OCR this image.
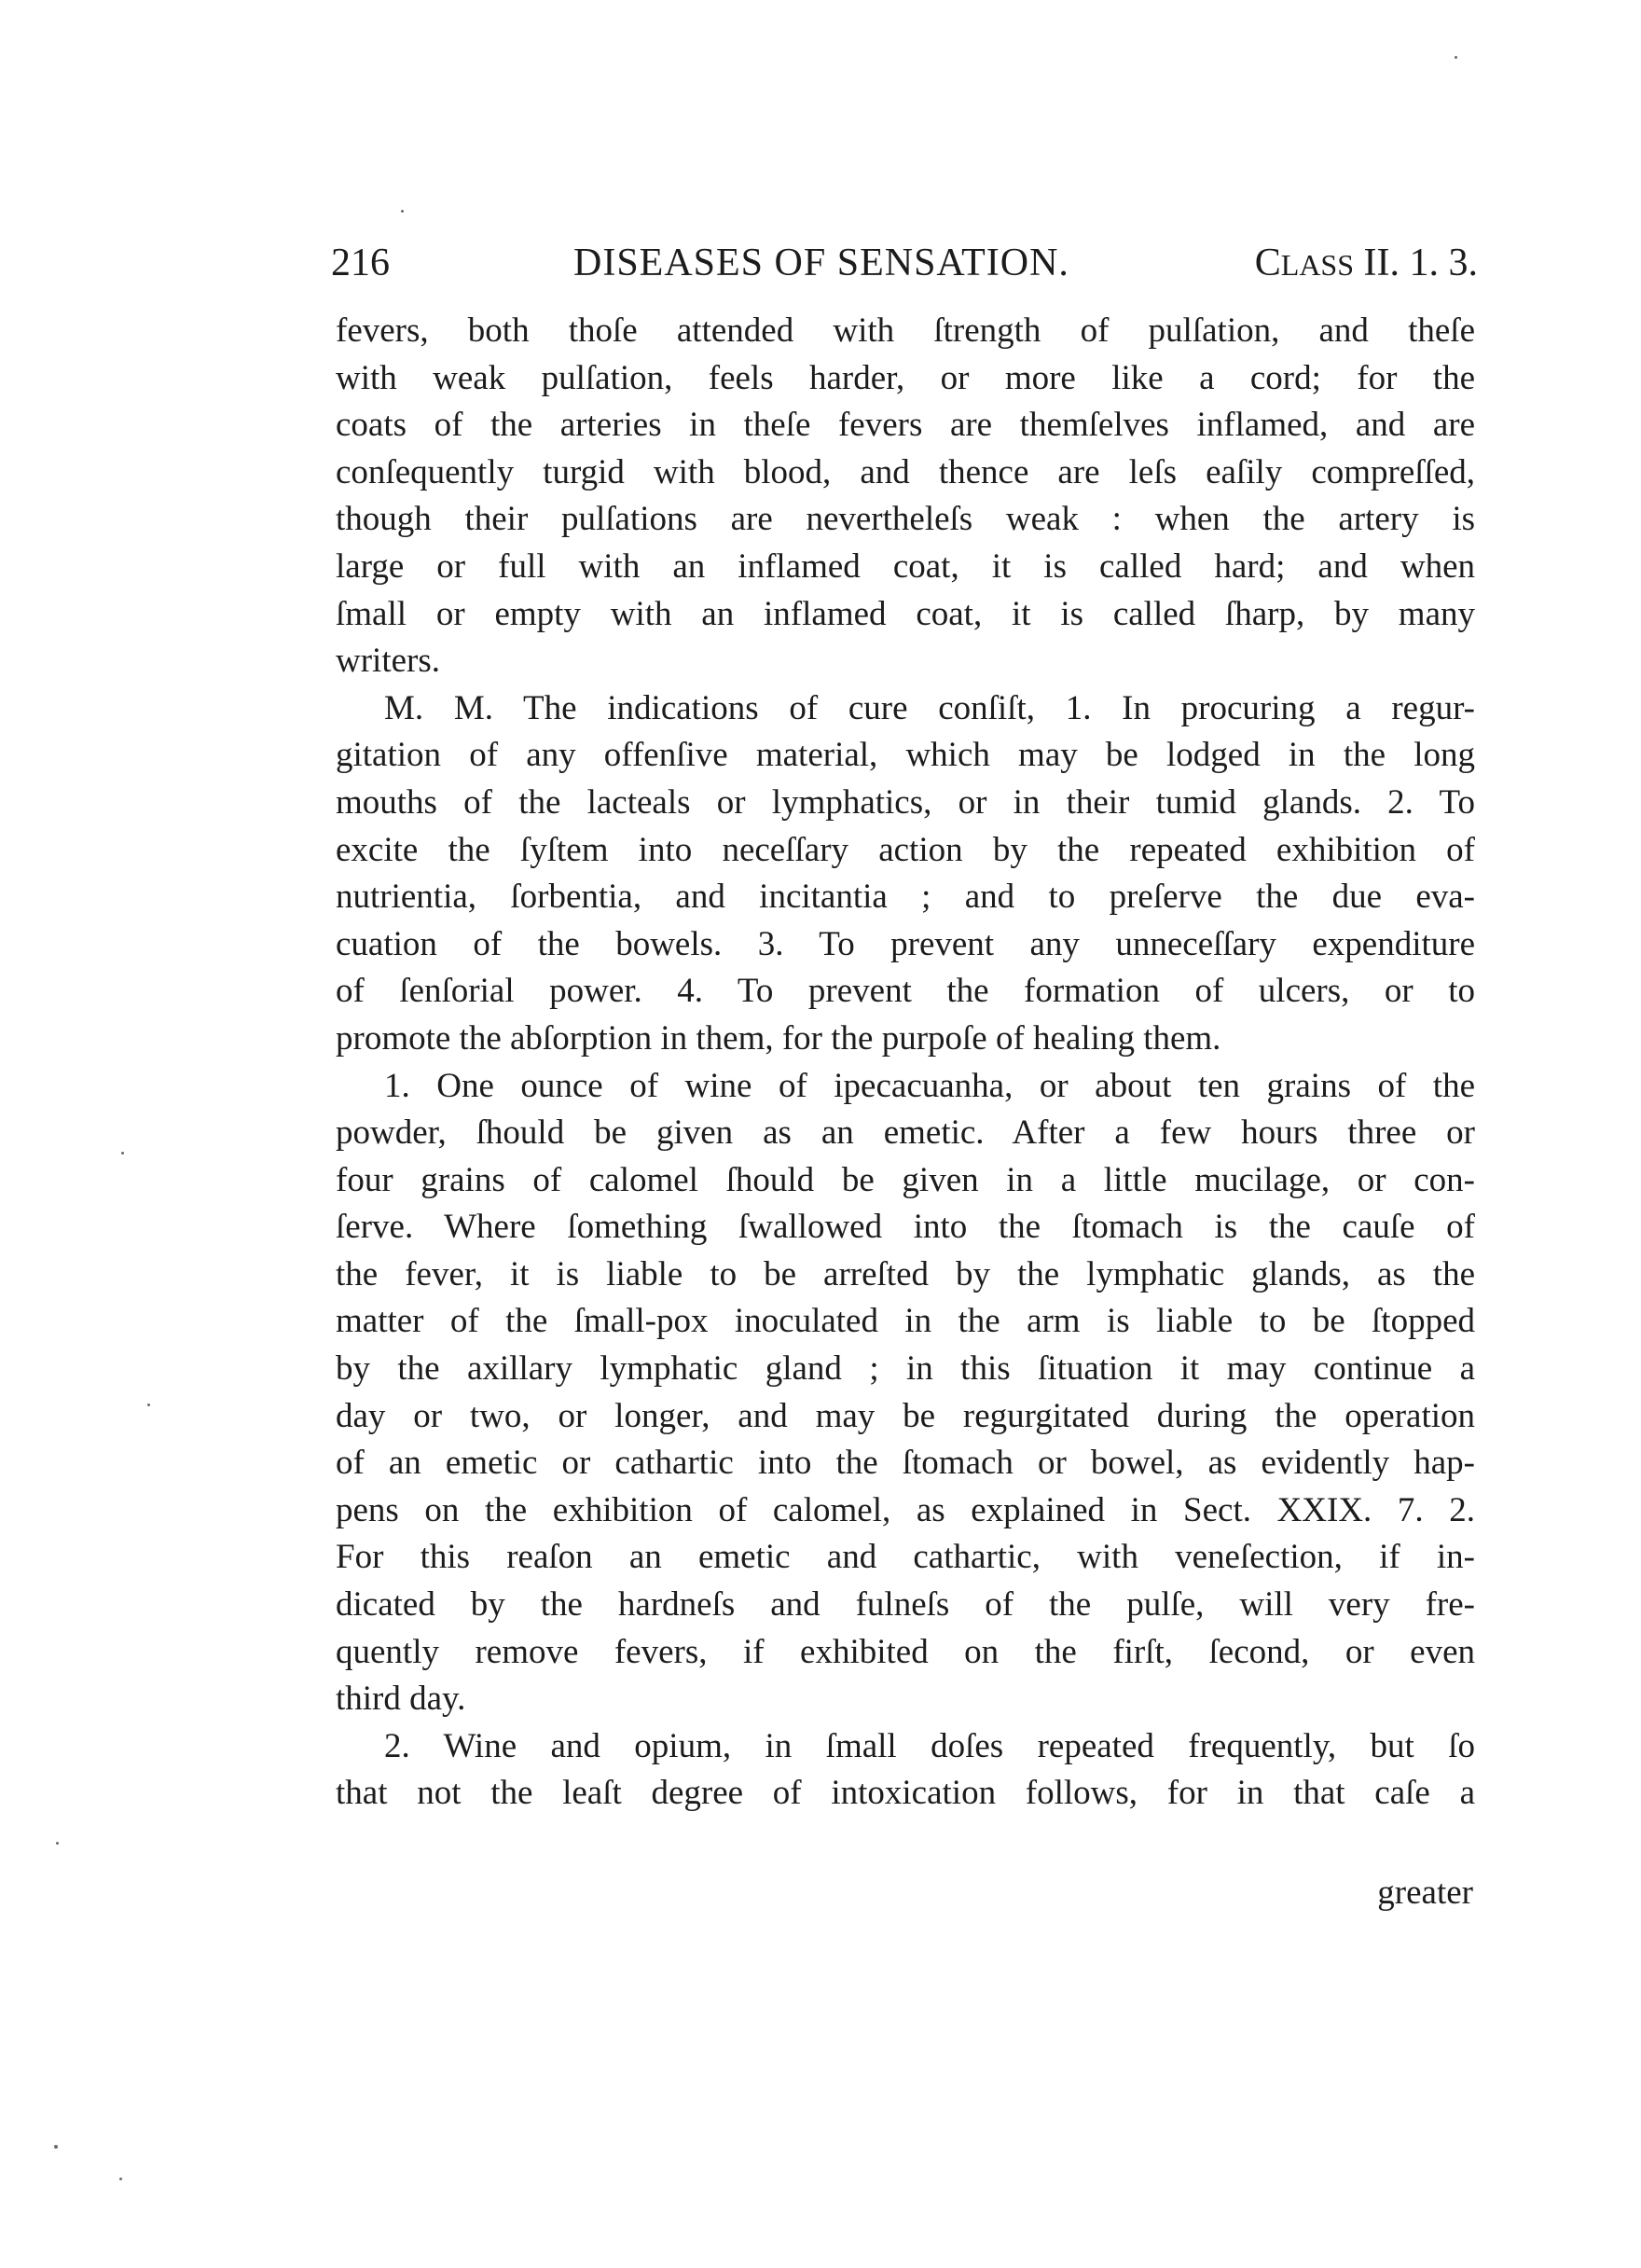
216	DISEASES OF SENSATION.	CLASS II. 1. 3.
fevers, both thoſe attended with ſtrength of pulſation, and theſe
with weak pulſation, feels harder, or more like a cord; for the
coats of the arteries in theſe fevers are themſelves inflamed, and are
conſequently turgid with blood, and thence are leſs eaſily compreſſed,
though their pulſations are nevertheleſs weak : when the artery is
large or full with an inflamed coat, it is called hard; and when
ſmall or empty with an inflamed coat, it is called ſharp, by many
writers.
M. M. The indications of cure conſiſt, 1. In procuring a regur-
gitation of any offenſive material, which may be lodged in the long
mouths of the lacteals or lymphatics, or in their tumid glands. 2. To
excite the ſyſtem into neceſſary action by the repeated exhibition of
nutrientia, ſorbentia, and incitantia ; and to preſerve the due eva-
cuation of the bowels. 3. To prevent any unneceſſary expenditure
of ſenſorial power. 4. To prevent the formation of ulcers, or to
promote the abſorption in them, for the purpoſe of healing them.
1. One ounce of wine of ipecacuanha, or about ten grains of the
powder, ſhould be given as an emetic. After a few hours three or
four grains of calomel ſhould be given in a little mucilage, or con-
ſerve. Where ſomething ſwallowed into the ſtomach is the cauſe of
the fever, it is liable to be arreſted by the lymphatic glands, as the
matter of the ſmall-pox inoculated in the arm is liable to be ſtopped
by the axillary lymphatic gland ; in this ſituation it may continue a
day or two, or longer, and may be regurgitated during the operation
of an emetic or cathartic into the ſtomach or bowel, as evidently hap-
pens on the exhibition of calomel, as explained in Sect. XXIX. 7. 2.
For this reaſon an emetic and cathartic, with veneſection, if in-
dicated by the hardneſs and fulneſs of the pulſe, will very fre-
quently remove fevers, if exhibited on the firſt, ſecond, or even
third day.
2. Wine and opium, in ſmall doſes repeated frequently, but ſo
that not the leaſt degree of intoxication follows, for in that caſe a
greater
